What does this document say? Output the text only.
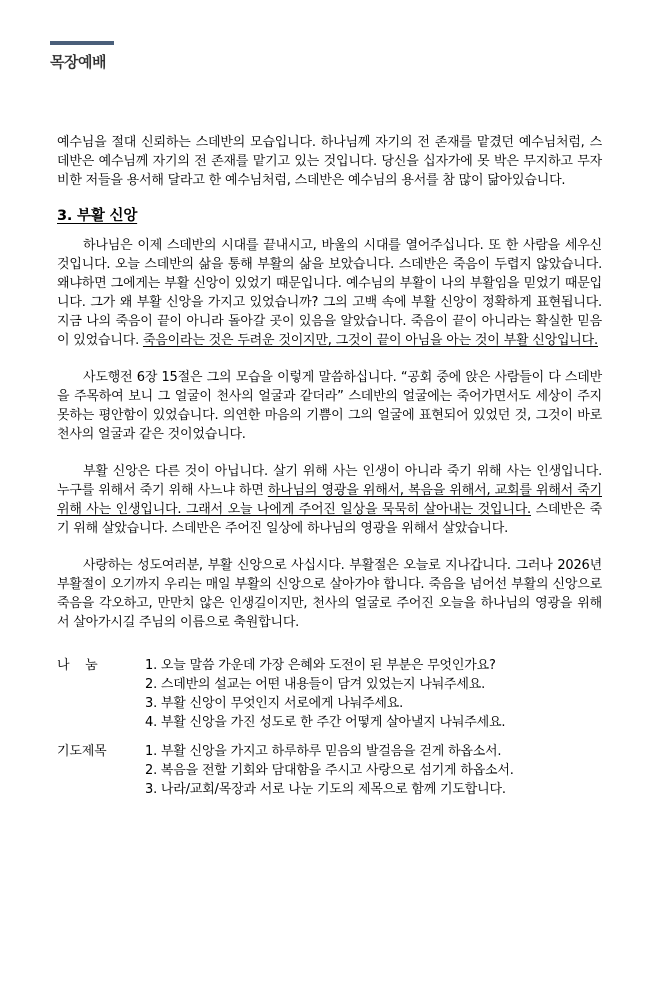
목장예배

예수님을 절대 신뢰하는 스데반의 모습입니다. 하나님께 자기의 전 존재를 맡겼던 예수님처럼, 스데반은 예수님께 자기의 전 존재를 맡기고 있는 것입니다. 당신을 십자가에 못 박은 무지하고 무자비한 저들을 용서해 달라고 한 예수님처럼, 스데반은 예수님의 용서를 참 많이 닮아있습니다.

3. 부활 신앙

하나님은 이제 스데반의 시대를 끝내시고, 바울의 시대를 열어주십니다. 또 한 사람을 세우신 것입니다. 오늘 스데반의 삶을 통해 부활의 삶을 보았습니다. 스데반은 죽음이 두렵지 않았습니다. 왜냐하면 그에게는 부활 신앙이 있었기 때문입니다. 예수님의 부활이 나의 부활임을 믿었기 때문입니다. 그가 왜 부활 신앙을 가지고 있었습니까? 그의 고백 속에 부활 신앙이 정확하게 표현됩니다. 지금 나의 죽음이 끝이 아니라 돌아갈 곳이 있음을 알았습니다. 죽음이 끝이 아니라는 확실한 믿음이 있었습니다. 죽음이라는 것은 두려운 것이지만, 그것이 끝이 아님을 아는 것이 부활 신앙입니다.

사도행전 6장 15절은 그의 모습을 이렇게 말씀하십니다. “공회 중에 앉은 사람들이 다 스데반을 주목하여 보니 그 얼굴이 천사의 얼굴과 같더라” 스데반의 얼굴에는 죽어가면서도 세상이 주지 못하는 평안함이 있었습니다. 의연한 마음의 기쁨이 그의 얼굴에 표현되어 있었던 것, 그것이 바로 천사의 얼굴과 같은 것이었습니다.

부활 신앙은 다른 것이 아닙니다. 살기 위해 사는 인생이 아니라 죽기 위해 사는 인생입니다. 누구를 위해서 죽기 위해 사느냐 하면 하나님의 영광을 위해서, 복음을 위해서, 교회를 위해서 죽기 위해 사는 인생입니다. 그래서 오늘 나에게 주어진 일상을 묵묵히 살아내는 것입니다. 스데반은 죽기 위해 살았습니다. 스데반은 주어진 일상에 하나님의 영광을 위해서 살았습니다.

사랑하는 성도여러분, 부활 신앙으로 사십시다. 부활절은 오늘로 지나갑니다. 그러나 2026년 부활절이 오기까지 우리는 매일 부활의 신앙으로 살아가야 합니다. 죽음을 넘어선 부활의 신앙으로 죽음을 각오하고, 만만치 않은 인생길이지만, 천사의 얼굴로 주어진 오늘을 하나님의 영광을 위해서 살아가시길 주님의 이름으로 축원합니다.

나    눔	1. 오늘 말씀 가운데 가장 은혜와 도전이 된 부분은 무엇인가요?

2. 스데반의 설교는 어떤 내용들이 담겨 있었는지 나눠주세요.

3. 부활 신앙이 무엇인지 서로에게 나눠주세요.

4. 부활 신앙을 가진 성도로 한 주간 어떻게 살아낼지 나눠주세요.

기도제목	1. 부활 신앙을 가지고 하루하루 믿음의 발걸음을 걷게 하옵소서.

2. 복음을 전할 기회와 담대함을 주시고 사랑으로 섬기게 하옵소서.

3. 나라/교회/목장과 서로 나눈 기도의 제목으로 함께 기도합니다.
